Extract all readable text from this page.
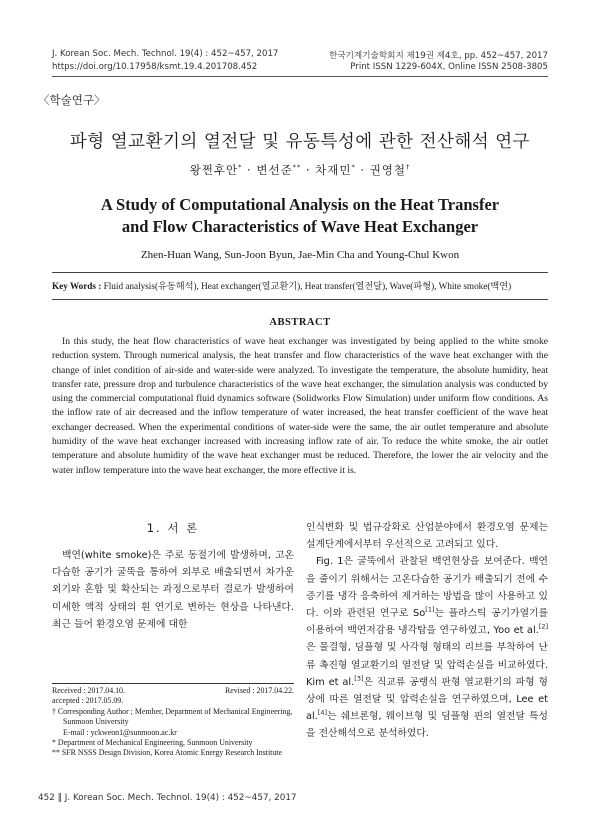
J. Korean Soc. Mech. Technol. 19(4) : 452~457, 2017
https://doi.org/10.17958/ksmt.19.4.201708.452
한국기계기술학회지 제19권 제4호, pp. 452~457, 2017
Print ISSN 1229-604X, Online ISSN 2508-3805
〈학술연구〉
파형 열교환기의 열전달 및 유동특성에 관한 전산해석 연구
왕쩐후안* · 변선준** · 차재민* · 권영철†
A Study of Computational Analysis on the Heat Transfer
and Flow Characteristics of Wave Heat Exchanger
Zhen-Huan Wang, Sun-Joon Byun, Jae-Min Cha and Young-Chul Kwon
Key Words : Fluid analysis(유동해석), Heat exchanger(열교환기), Heat transfer(열전달), Wave(파형), White smoke(백연)
ABSTRACT
In this study, the heat flow characteristics of wave heat exchanger was investigated by being applied to the white smoke reduction system. Through numerical analysis, the heat transfer and flow characteristics of the wave heat exchanger with the change of inlet condition of air-side and water-side were analyzed. To investigate the temperature, the absolute humidity, heat transfer rate, pressure drop and turbulence characteristics of the wave heat exchanger, the simulation analysis was conducted by using the commercial computational fluid dynamics software (Solidworks Flow Simulation) under uniform flow conditions. As the inflow rate of air decreased and the inflow temperature of water increased, the heat transfer coefficient of the wave heat exchanger decreased. When the experimental conditions of water-side were the same, the air outlet temperature and absolute humidity of the wave heat exchanger increased with increasing inflow rate of air. To reduce the white smoke, the air outlet temperature and absolute humidity of the wave heat exchanger must be reduced. Therefore, the lower the air velocity and the water inflow temperature into the wave heat exchanger, the more effective it is.
1. 서 론
백연(white smoke)은 주로 동절기에 발생하며, 고온 다습한 공기가 굴뚝을 통하여 외부로 배출되면서 차가운 외기와 혼합 및 확산되는 과정으로부터 결로가 발생하여 미세한 액적 상태의 흰 연기로 변하는 현상을 나타낸다. 최근 들어 환경오염 문제에 대한

인식변화 및 법규강화로 산업분야에서 환경오염 문제는 설계단계에서부터 우선적으로 고려되고 있다.

Fig. 1은 굴뚝에서 관찰된 백연현상을 보여준다. 백연을 줄이기 위해서는 고온다습한 공기가 배출되기 전에 수증기를 냉각 응축하여 제거하는 방법을 많이 사용하고 있다. 이와 관련된 연구로 So[1]는 플라스틱 공기가열기를 이용하여 백연저감용 냉각탑을 연구하였고, Yoo et al.[2]은 물결형, 딤플형 및 사각형 형태의 리브를 부착하여 난류 촉진형 열교환기의 열전달 및 압력손실을 비교하였다. Kim et al.[3]은 직교류 공랭식 판형 열교환기의 파형 형상에 따른 열전달 및 압력손실을 연구하였으며, Lee et al.[4]는 쉐브론형, 웨이브형 및 딤플형 핀의 열전달 특성을 전산해석으로 분석하였다.

Received : 2017.04.10.	Revised : 2017.04.22.
accepted : 2017.05.09.
† Corresponding Author ; Member, Department of Mechanical Engineering, Sunmoon University
E-mail : yckweon1@sunmoon.ac.kr
* Department of Mechanical Engineering, Sunmoon University
** SFR NSSS Design Division, Korea Atomic Energy Research Institute
452 ‖ J. Korean Soc. Mech. Technol. 19(4) : 452~457, 2017
